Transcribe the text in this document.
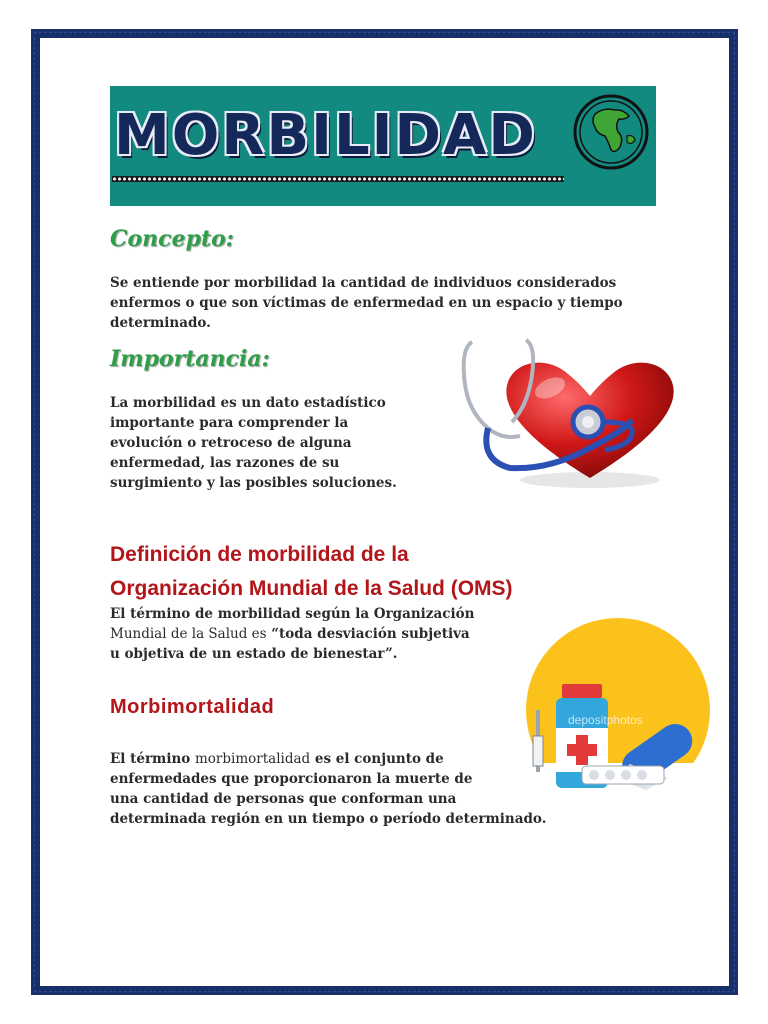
MORBILIDAD
Concepto:

Se entiende por morbilidad la cantidad de individuos considerados enfermos o que son víctimas de enfermedad en un espacio y tiempo determinado.

Importancia:
La morbilidad es un dato estadístico
importante para comprender la
evolución o retroceso de alguna
enfermedad, las razones de su
surgimiento y las posibles soluciones.
Definición de morbilidad de la
Organización Mundial de la Salud (OMS)
El término de morbilidad según la Organización
Mundial de la Salud es “toda desviación subjetiva
u objetiva de un estado de bienestar”.
Morbimortalidad
El término morbimortalidad es el conjunto de
enfermedades que proporcionaron la muerte de
una cantidad de personas que conforman una
determinada región en un tiempo o período determinado.
depositphotos
